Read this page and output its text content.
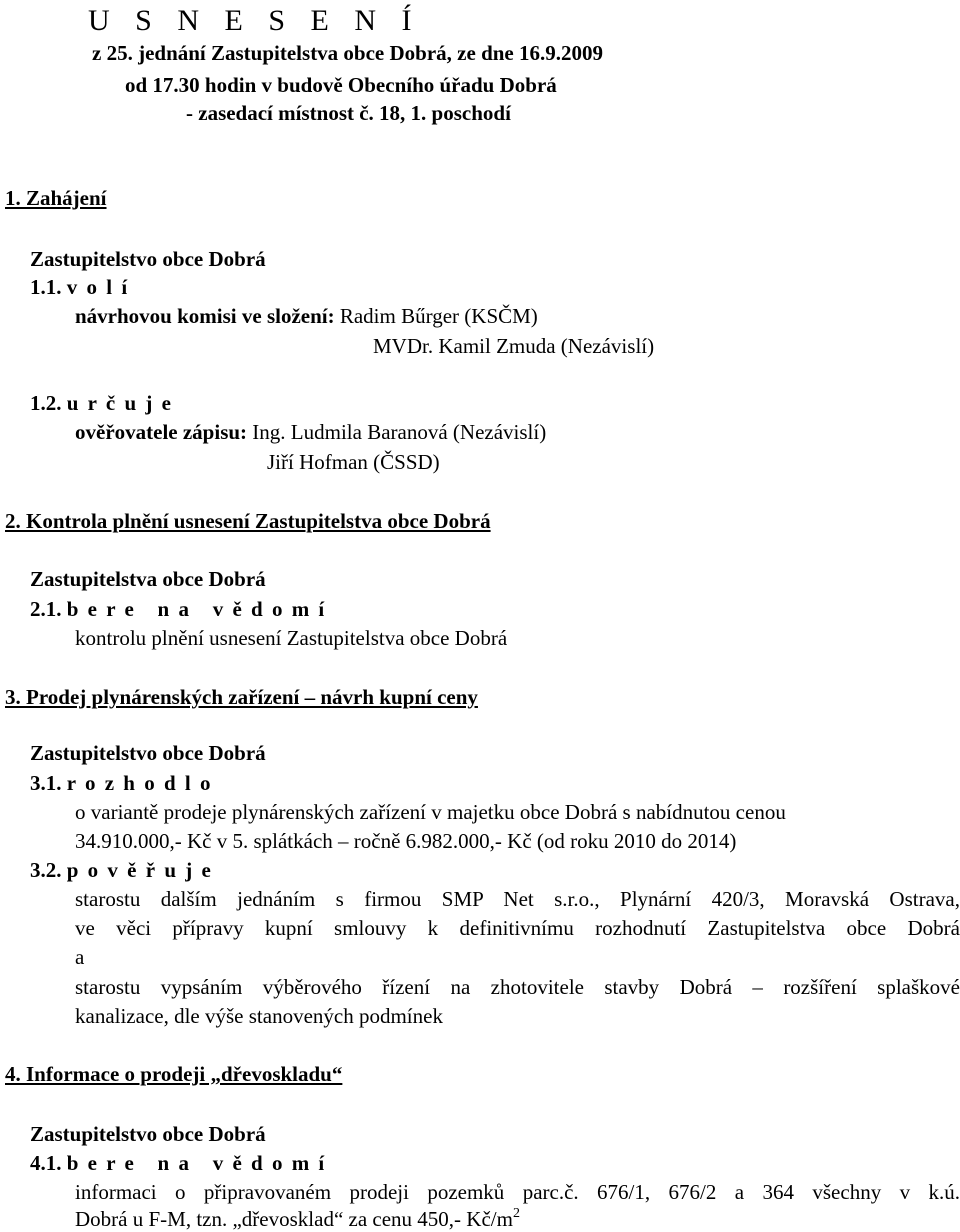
U S N E S E N Í
z 25. jednání Zastupitelstva obce Dobrá, ze dne 16.9.2009
od 17.30 hodin v budově Obecního úřadu Dobrá
- zasedací místnost č. 18, 1. poschodí
1. Zahájení
Zastupitelstvo obce Dobrá
1.1. v o l í
návrhovou komisi ve složení: Radim Bűrger (KSČM)
MVDr. Kamil Zmuda (Nezávislí)
1.2. u r č u j e
ověřovatele zápisu: Ing. Ludmila Baranová (Nezávislí)
Jiří Hofman (ČSSD)
2. Kontrola plnění usnesení Zastupitelstva obce Dobrá
Zastupitelstva obce Dobrá
2.1. b e r e   n a   v ě d o m í
kontrolu plnění usnesení Zastupitelstva obce Dobrá
3. Prodej plynárenských zařízení – návrh kupní ceny
Zastupitelstvo obce Dobrá
3.1. r o z h o d l o
o variantě prodeje plynárenských zařízení v majetku obce Dobrá s nabídnutou cenou
34.910.000,- Kč v 5. splátkách – ročně 6.982.000,- Kč (od roku 2010 do 2014)
3.2. p o v ě ř u j e
starostu dalším jednáním s firmou SMP Net s.r.o., Plynární 420/3, Moravská Ostrava,
ve věci přípravy kupní smlouvy k definitivnímu rozhodnutí Zastupitelstva obce Dobrá
a
starostu vypsáním výběrového řízení na zhotovitele stavby Dobrá – rozšíření splaškové
kanalizace, dle výše stanovených podmínek
4. Informace o prodeji „dřevoskladu“
Zastupitelstvo obce Dobrá
4.1. b e r e   n a   v ě d o m í
informaci o připravovaném prodeji pozemků parc.č. 676/1, 676/2 a 364 všechny v k.ú.
Dobrá u F-M, tzn. „dřevosklad“ za cenu 450,- $Kč/m^2$
